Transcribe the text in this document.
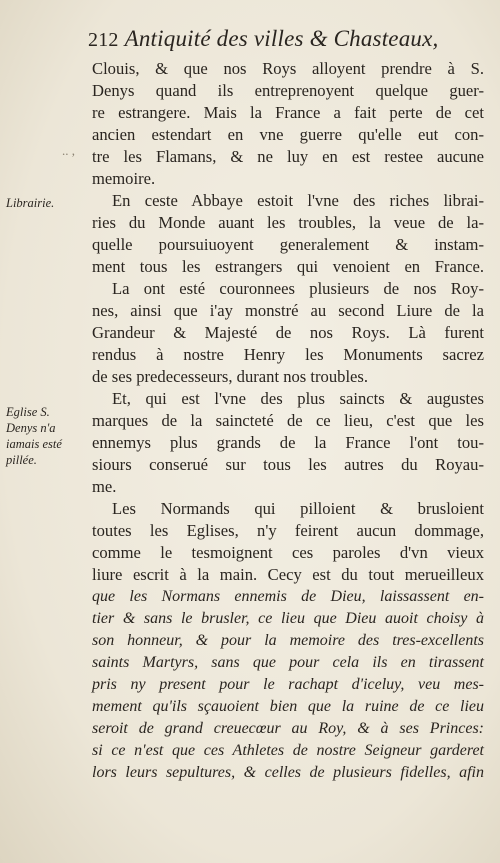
212 Antiquité des villes & Chasteaux,
.. ,
Librairie.
Eglise S.
Denys n'a
iamais esté
pillée.
Clouis, & que nos Roys alloyent prendre à S.
Denys quand ils entreprenoyent quelque guer-
re estrangere. Mais la France a fait perte de cet
ancien estendart en vne guerre qu'elle eut con-
tre les Flamans, & ne luy en est restee aucune
memoire.
En ceste Abbaye estoit l'vne des riches librai-
ries du Monde auant les troubles, la veue de la-
quelle poursuiuoyent generalement & instam-
ment tous les estrangers qui venoient en France.
La ont esté couronnees plusieurs de nos Roy-
nes, ainsi que i'ay monstré au second Liure de la
Grandeur & Majesté de nos Roys. Là furent
rendus à nostre Henry les Monuments sacrez
de ses predecesseurs, durant nos troubles.
Et, qui est l'vne des plus saincts & augustes
marques de la saincteté de ce lieu, c'est que les
ennemys plus grands de la France l'ont tou-
siours conserué sur tous les autres du Royau-
me.
Les Normands qui pilloient & brusloient
toutes les Eglises, n'y feirent aucun dommage,
comme le tesmoignent ces paroles d'vn vieux
liure escrit à la main. Cecy est du tout merueilleux
que les Normans ennemis de Dieu, laissassent en-
tier & sans le brusler, ce lieu que Dieu auoit choisy à
son honneur, & pour la memoire des tres-excellents
saints Martyrs, sans que pour cela ils en tirassent
pris ny present pour le rachapt d'iceluy, veu mes-
mement qu'ils sçauoient bien que la ruine de ce lieu
seroit de grand creuecœur au Roy, & à ses Princes:
si ce n'est que ces Athletes de nostre Seigneur garderet
lors leurs sepultures, & celles de plusieurs fidelles, afin
